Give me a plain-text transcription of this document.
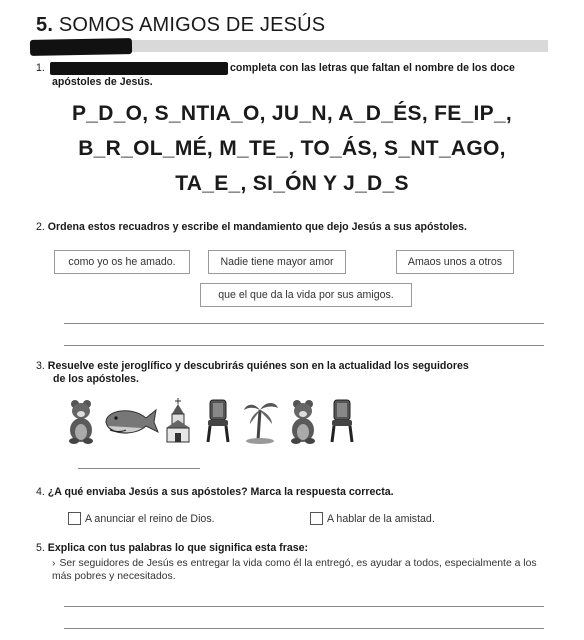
5. SOMOS AMIGOS DE JESÚS
1.	completa con las letras que faltan el nombre de los doce
apóstoles de Jesús.
P_D_O, S_NTIA_O, JU_N, A_D_ÉS, FE_IP_,
B_R_OL_MÉ, M_TE_, TO_ÁS, S_NT_AGO,
TA_E_, SI_ÓN Y J_D_S
2. Ordena estos recuadros y escribe el mandamiento que dejo Jesús a sus apóstoles.
como yo os he amado.	Nadie tiene mayor amor	Amaos unos a otros
que el que da la vida por sus amigos.
3. Resuelve este jeroglífico y descubrirás quiénes son en la actualidad los seguidores
de los apóstoles.
4. ¿A qué enviaba Jesús a sus apóstoles? Marca la respuesta correcta.
A anunciar el reino de Dios.	A hablar de la amistad.
5. Explica con tus palabras lo que significa esta frase:
› Ser seguidores de Jesús es entregar la vida como él la entregó, es ayudar a todos, especialmente a los más pobres y necesitados.
